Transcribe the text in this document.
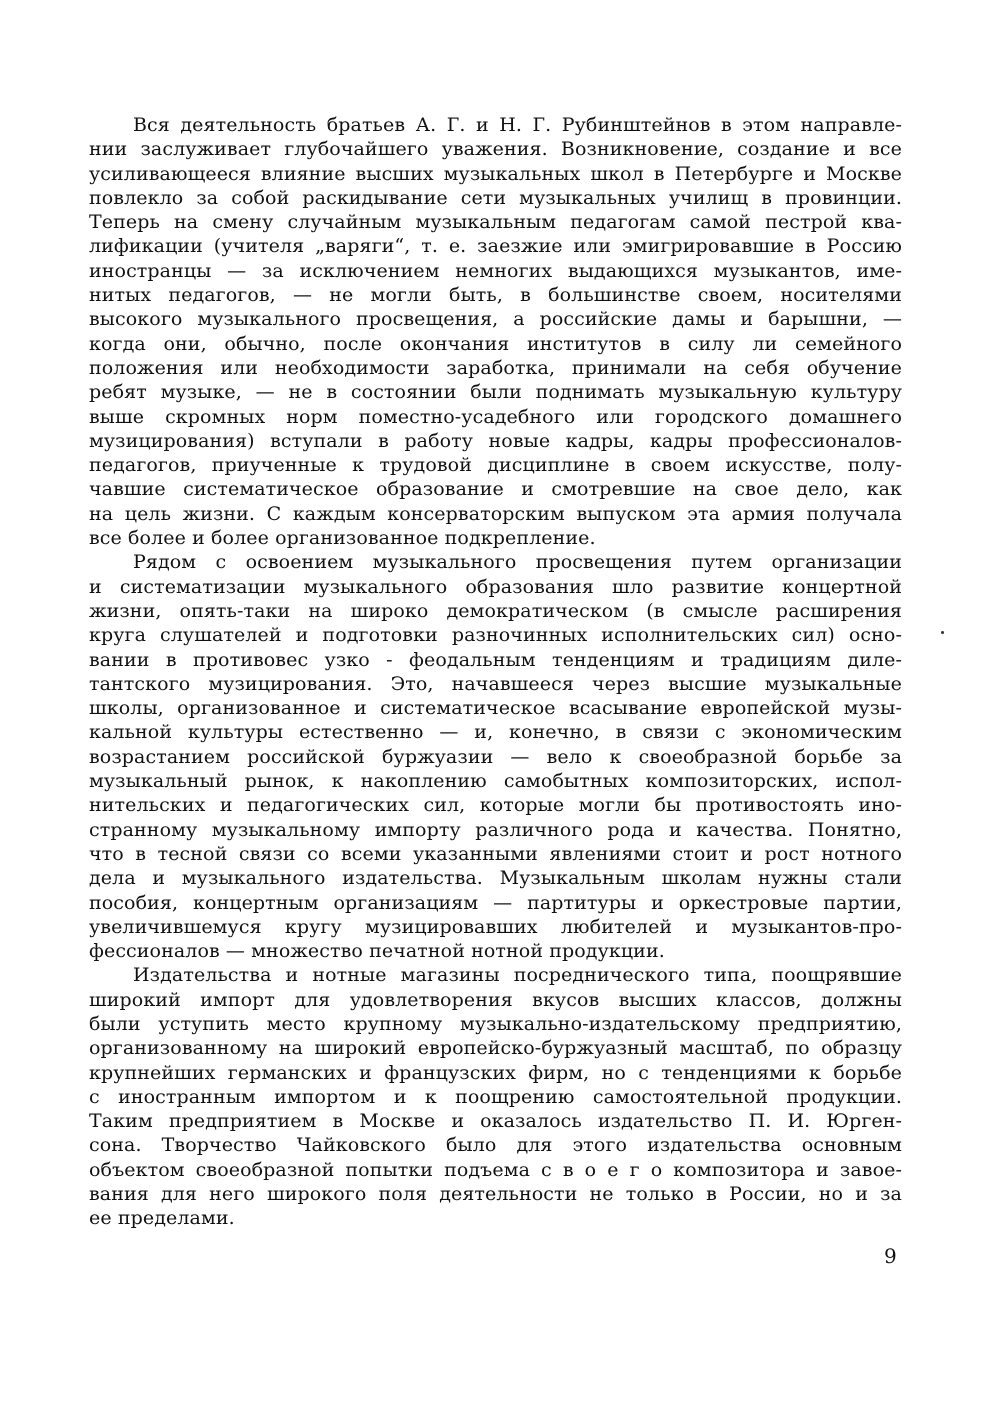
Вся деятельность братьев А. Г. и Н. Г. Рубинштейнов в этом направле-
нии заслуживает глубочайшего уважения. Возникновение, создание и все
усиливающееся влияние высших музыкальных школ в Петербурге и Москве
повлекло за собой раскидывание сети музыкальных училищ в провинции.
Теперь на смену случайным музыкальным педагогам самой пестрой ква-
лификации (учителя „варяги“, т. е. заезжие или эмигрировавшие в Россию
иностранцы — за исключением немногих выдающихся музыкантов, име-
нитых педагогов, — не могли быть, в большинстве своем, носителями
высокого музыкального просвещения, а российские дамы и барышни, —
когда они, обычно, после окончания институтов в силу ли семейного
положения или необходимости заработка, принимали на себя обучение
ребят музыке, — не в состоянии были поднимать музыкальную культуру
выше скромных норм поместно-усадебного или городского домашнего
музицирования) вступали в работу новые кадры, кадры профессионалов-
педагогов, приученные к трудовой дисциплине в своем искусстве, полу-
чавшие систематическое образование и смотревшие на свое дело, как
на цель жизни. С каждым консерваторским выпуском эта армия получала
все более и более организованное подкрепление.
Рядом с освоением музыкального просвещения путем организации
и систематизации музыкального образования шло развитие концертной
жизни, опять-таки на широко демократическом (в смысле расширения
круга слушателей и подготовки разночинных исполнительских сил) осно-
вании в противовес узко - феодальным тенденциям и традициям диле-
тантского музицирования. Это, начавшееся через высшие музыкальные
школы, организованное и систематическое всасывание европейской музы-
кальной культуры естественно — и, конечно, в связи с экономическим
возрастанием российской буржуазии — вело к своеобразной борьбе за
музыкальный рынок, к накоплению самобытных композиторских, испол-
нительских и педагогических сил, которые могли бы противостоять ино-
странному музыкальному импорту различного рода и качества. Понятно,
что в тесной связи со всеми указанными явлениями стоит и рост нотного
дела и музыкального издательства. Музыкальным школам нужны стали
пособия, концертным организациям — партитуры и оркестровые партии,
увеличившемуся кругу музицировавших любителей и музыкантов-про-
фессионалов — множество печатной нотной продукции.
Издательства и нотные магазины посреднического типа, поощрявшие
широкий импорт для удовлетворения вкусов высших классов, должны
были уступить место крупному музыкально-издательскому предприятию,
организованному на широкий европейско-буржуазный масштаб, по образцу
крупнейших германских и французских фирм, но с тенденциями к борьбе
с иностранным импортом и к поощрению самостоятельной продукции.
Таким предприятием в Москве и оказалось издательство П. И. Юрген-
сона. Творчество Чайковского было для этого издательства основным
объектом своеобразной попытки подъема с в о е г о композитора и завое-
вания для него широкого поля деятельности не только в России, но и за
ее пределами.
9
